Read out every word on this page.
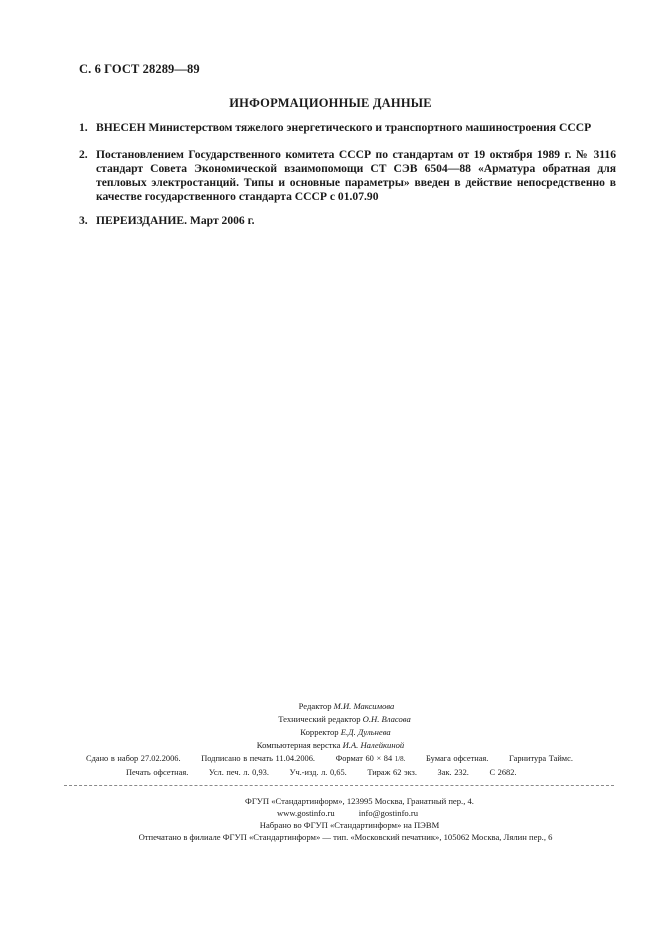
С. 6 ГОСТ 28289—89
ИНФОРМАЦИОННЫЕ ДАННЫЕ
1. ВНЕСЕН Министерством тяжелого энергетического и транспортного машиностроения СССР
2. Постановлением Государственного комитета СССР по стандартам от 19 октября 1989 г. № 3116 стандарт Совета Экономической взаимопомощи СТ СЭВ 6504—88 «Арматура обратная для тепловых электростанций. Типы и основные параметры» введен в действие непосредственно в качестве государственного стандарта СССР с 01.07.90
3. ПЕРЕИЗДАНИЕ. Март 2006 г.
Редактор М.И. Максимова
Технический редактор О.Н. Власова
Корректор Е.Д. Дульнева
Компьютерная верстка И.А. Налейкиной
Сдано в набор 27.02.2006. Подписано в печать 11.04.2006. Формат 60 × 84 1/8. Бумага офсетная. Гарнитура Таймс.
Печать офсетная. Усл. печ. л. 0,93. Уч.-изд. л. 0,65. Тираж 62 экз. Зак. 232. С 2682.
ФГУП «Стандартинформ», 123995 Москва, Гранатный пер., 4.
www.gostinfo.ru	info@gostinfo.ru
Набрано во ФГУП «Стандартинформ» на ПЭВМ
Отпечатано в филиале ФГУП «Стандартинформ» — тип. «Московский печатник», 105062 Москва, Лялин пер., 6
